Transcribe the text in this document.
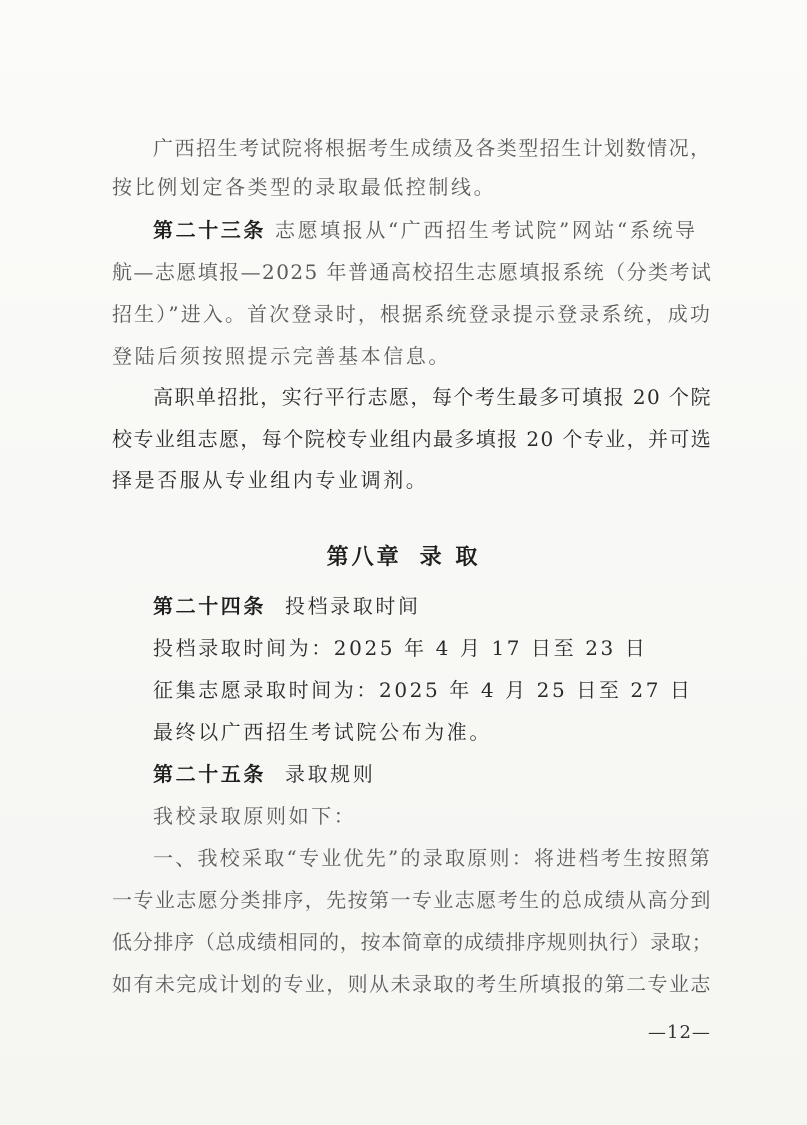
广西招生考试院将根据考生成绩及各类型招生计划数情况，
按比例划定各类型的录取最低控制线。
第二十三条 志愿填报从“广西招生考试院”网站“系统导
航—志愿填报—2025 年普通高校招生志愿填报系统（分类考试
招生）”进入。首次登录时，根据系统登录提示登录系统，成功
登陆后须按照提示完善基本信息。
高职单招批，实行平行志愿，每个考生最多可填报 20 个院
校专业组志愿，每个院校专业组内最多填报 20 个专业，并可选
择是否服从专业组内专业调剂。
第八章 录 取
第二十四条 投档录取时间
投档录取时间为：2025 年 4 月 17 日至 23 日
征集志愿录取时间为：2025 年 4 月 25 日至 27 日
最终以广西招生考试院公布为准。
第二十五条 录取规则
我校录取原则如下：
一、我校采取“专业优先”的录取原则：将进档考生按照第
一专业志愿分类排序，先按第一专业志愿考生的总成绩从高分到
低分排序（总成绩相同的，按本简章的成绩排序规则执行）录取；
如有未完成计划的专业，则从未录取的考生所填报的第二专业志
—12—
